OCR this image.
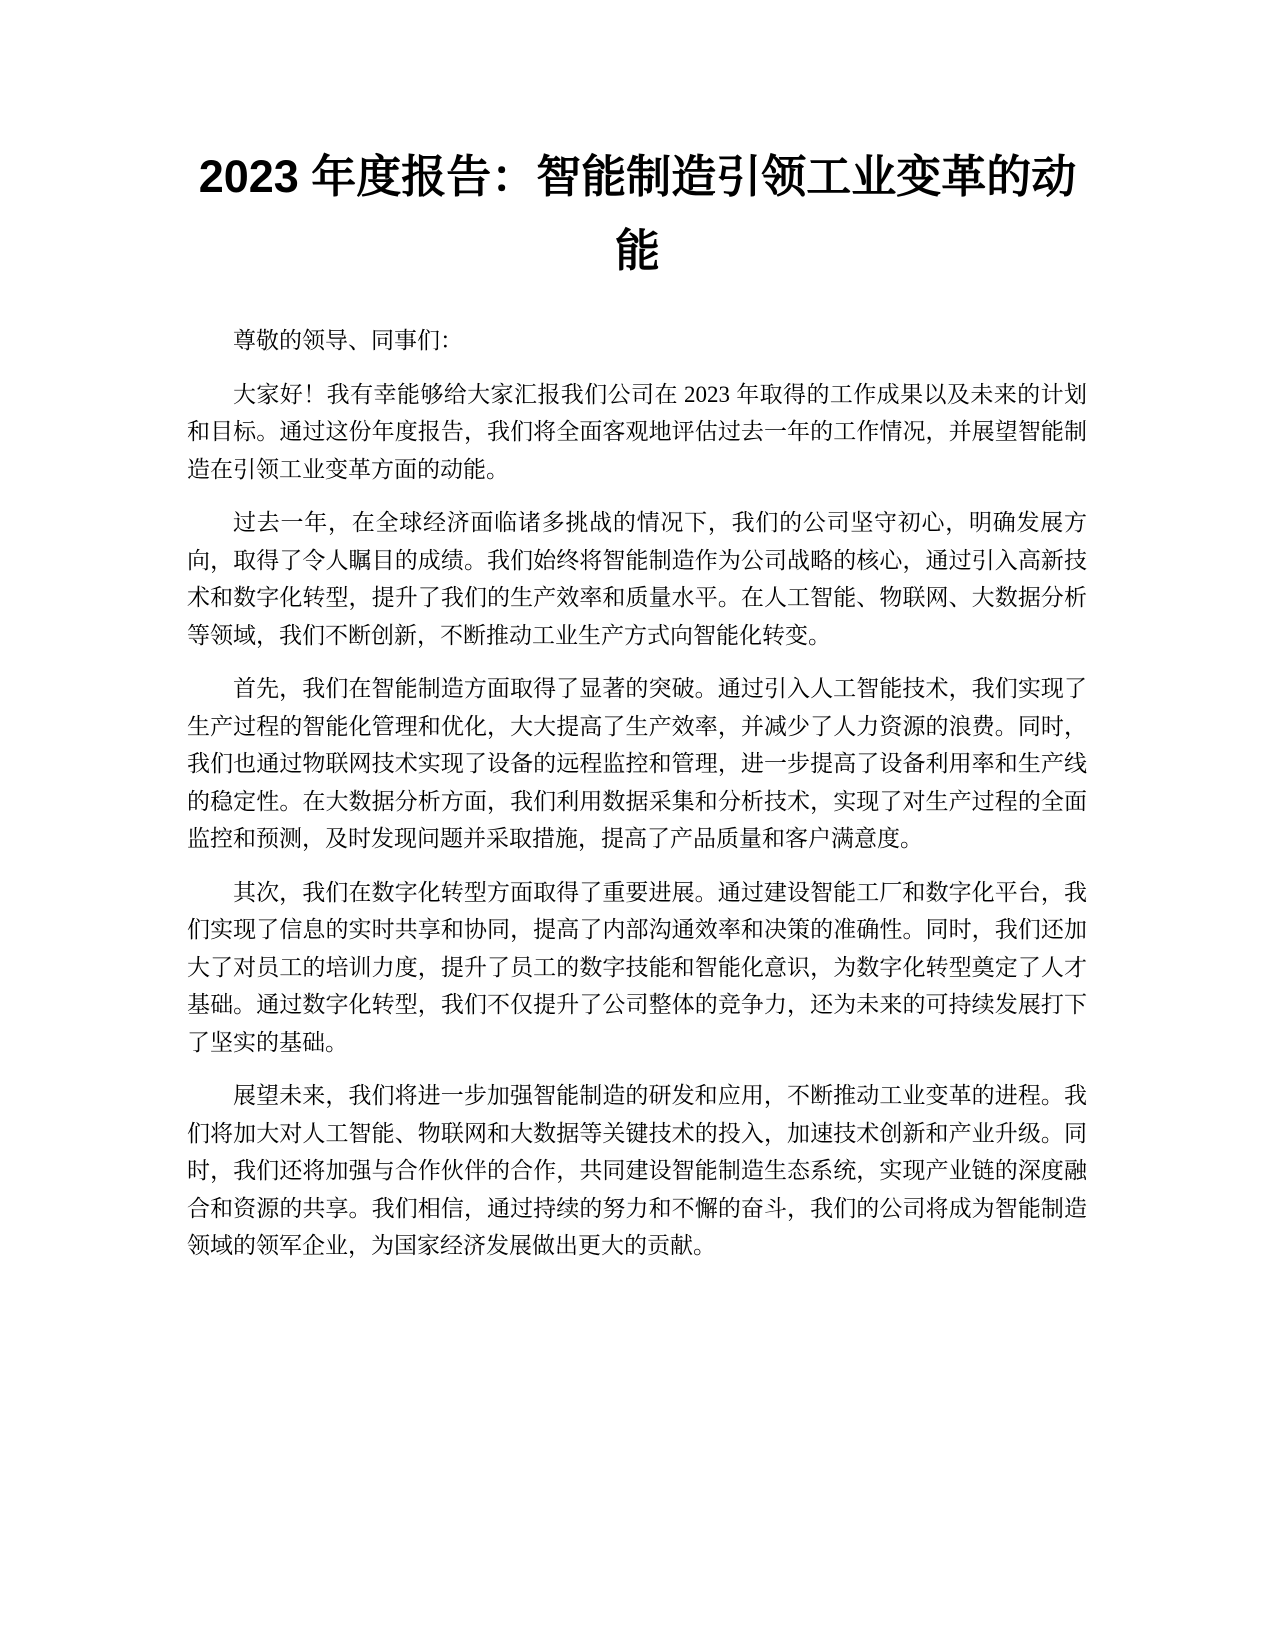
2023 年度报告：智能制造引领工业变革的动能

尊敬的领导、同事们：

大家好！我有幸能够给大家汇报我们公司在 2023 年取得的工作成果以及未来的计划和目标。通过这份年度报告，我们将全面客观地评估过去一年的工作情况，并展望智能制造在引领工业变革方面的动能。

过去一年，在全球经济面临诸多挑战的情况下，我们的公司坚守初心，明确发展方向，取得了令人瞩目的成绩。我们始终将智能制造作为公司战略的核心，通过引入高新技术和数字化转型，提升了我们的生产效率和质量水平。在人工智能、物联网、大数据分析等领域，我们不断创新，不断推动工业生产方式向智能化转变。

首先，我们在智能制造方面取得了显著的突破。通过引入人工智能技术，我们实现了生产过程的智能化管理和优化，大大提高了生产效率，并减少了人力资源的浪费。同时，我们也通过物联网技术实现了设备的远程监控和管理，进一步提高了设备利用率和生产线的稳定性。在大数据分析方面，我们利用数据采集和分析技术，实现了对生产过程的全面监控和预测，及时发现问题并采取措施，提高了产品质量和客户满意度。

其次，我们在数字化转型方面取得了重要进展。通过建设智能工厂和数字化平台，我们实现了信息的实时共享和协同，提高了内部沟通效率和决策的准确性。同时，我们还加大了对员工的培训力度，提升了员工的数字技能和智能化意识，为数字化转型奠定了人才基础。通过数字化转型，我们不仅提升了公司整体的竞争力，还为未来的可持续发展打下了坚实的基础。

展望未来，我们将进一步加强智能制造的研发和应用，不断推动工业变革的进程。我们将加大对人工智能、物联网和大数据等关键技术的投入，加速技术创新和产业升级。同时，我们还将加强与合作伙伴的合作，共同建设智能制造生态系统，实现产业链的深度融合和资源的共享。我们相信，通过持续的努力和不懈的奋斗，我们的公司将成为智能制造领域的领军企业，为国家经济发展做出更大的贡献。
